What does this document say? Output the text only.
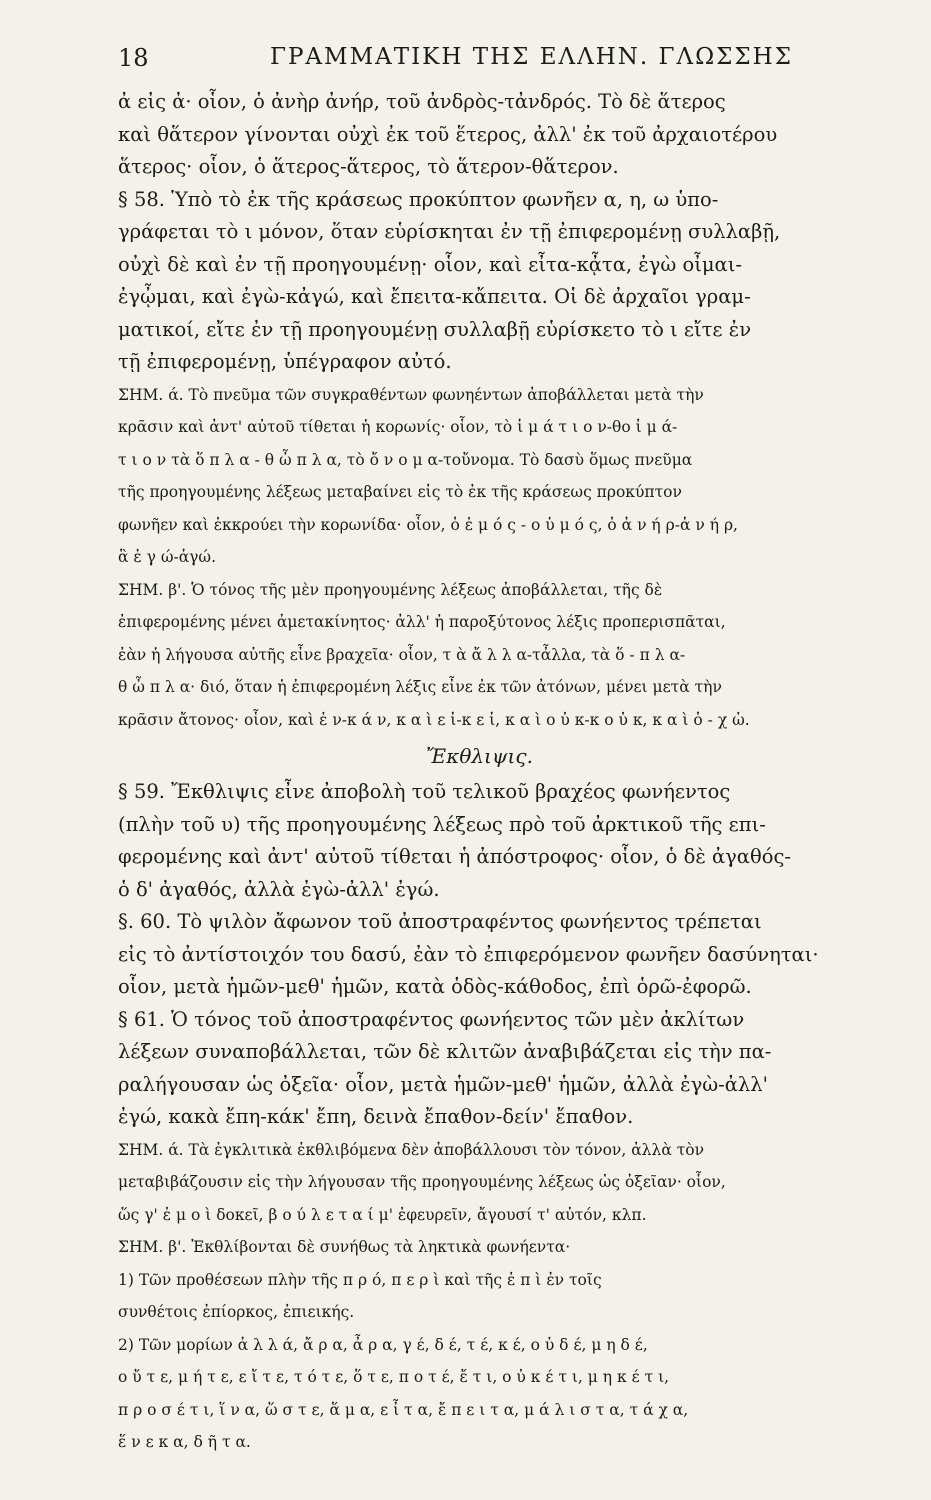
18	ΓΡΑΜΜΑΤΙΚΗ ΤΗΣ ΕΛΛΗΝ. ΓΛΩΣΣΗΣ
ἀ εἰς ἀ· οἷον, ὁ ἀνὴρ ἀνήρ, τοῦ ἀνδρὸς-τἀνδρός. Τὸ δὲ ἅτερος
καὶ θἅτερον γίνονται οὐχὶ ἐκ τοῦ ἕτερος, ἀλλ' ἐκ τοῦ ἀρχαιοτέρου
ἅτερος· οἷον, ὁ ἅτερος-ἅτερος, τὸ ἅτερον-θἅτερον.
§ 58. Ὑπὸ τὸ ἐκ τῆς κράσεως προκύπτον φωνῆεν α, η, ω ὑπο-
γράφεται τὸ ι μόνον, ὅταν εὑρίσκηται ἐν τῇ ἐπιφερομένῃ συλλαβῇ,
οὐχὶ δὲ καὶ ἐν τῇ προηγουμένῃ· οἷον, καὶ εἶτα-κᾆτα, ἐγὼ οἶμαι-
ἐγᾦμαι, καὶ ἐγὼ-κἀγώ, καὶ ἔπειτα-κἄπειτα. Οἱ δὲ ἀρχαῖοι γραμ-
ματικοί, εἴτε ἐν τῇ προηγουμένῃ συλλαβῇ εὑρίσκετο τὸ ι εἴτε ἐν
τῇ ἐπιφερομένῃ, ὑπέγραφον αὐτό.
ΣΗΜ. ά. Τὸ πνεῦμα τῶν συγκραθέντων φωνηέντων ἀποβάλλεται μετὰ τὴν
κρᾶσιν καὶ ἀντ' αὐτοῦ τίθεται ἡ κορωνίς· οἷον, τὸ ἱ μ ά τ ι ο ν-θο ἱ μ ά-
τ ι ο ν τὰ ὅ π λ α - θ ὦ π λ α, τὸ ὄ ν ο μ α-τοὔνομα. Τὸ δασὺ ὅμως πνεῦμα
τῆς προηγουμένης λέξεως μεταβαίνει εἰς τὸ ἐκ τῆς κράσεως προκύπτον
φωνῆεν καὶ ἐκκρούει τὴν κορωνίδα· οἷον, ὁ ἐ μ ό ς - ο ὑ μ ό ς, ὁ ἀ ν ή ρ-ἁ ν ή ρ,
ἃ ἐ γ ώ-ἁγώ.
ΣΗΜ. β'. Ὁ τόνος τῆς μὲν προηγουμένης λέξεως ἀποβάλλεται, τῆς δὲ
ἐπιφερομένης μένει ἀμετακίνητος· ἀλλ' ἡ παροξύτονος λέξις προπερισπᾶται,
ἐὰν ἡ λήγουσα αὐτῆς εἶνε βραχεῖα· οἷον, τ ὰ ἄ λ λ α-τἆλλα, τὰ ὅ - π λ α-
θ ὦ π λ α· διό, ὅταν ἡ ἐπιφερομένη λέξις εἶνε ἐκ τῶν ἀτόνων, μένει μετὰ τὴν
κρᾶσιν ἄτονος· οἷον, καὶ ἐ ν-κ ά ν, κ α ὶ ε ἰ-κ ε ἰ, κ α ὶ ο ὐ κ-κ ο ὐ κ, κ α ὶ ὁ - χ ὡ.
Ἔκθλιψις.
§ 59. Ἔκθλιψις εἶνε ἀποβολὴ τοῦ τελικοῦ βραχέος φωνήεντος
(πλὴν τοῦ υ) τῆς προηγουμένης λέξεως πρὸ τοῦ ἀρκτικοῦ τῆς επι-
φερομένης καὶ ἀντ' αὐτοῦ τίθεται ἡ ἀπόστροφος· οἷον, ὁ δὲ ἀγαθός-
ὁ δ' ἀγαθός, ἀλλὰ ἐγὼ-ἀλλ' ἐγώ.
§. 60. Τὸ ψιλὸν ἄφωνον τοῦ ἀποστραφέντος φωνήεντος τρέπεται
εἰς τὸ ἀντίστοιχόν του δασύ, ἐὰν τὸ ἐπιφερόμενον φωνῆεν δασύνηται·
οἷον, μετὰ ἡμῶν-μεθ' ἡμῶν, κατὰ ὁδὸς-κάθοδος, ἐπὶ ὁρῶ-ἐφορῶ.
§ 61. Ὁ τόνος τοῦ ἀποστραφέντος φωνήεντος τῶν μὲν ἀκλίτων
λέξεων συναποβάλλεται, τῶν δὲ κλιτῶν ἀναβιβάζεται εἰς τὴν πα-
ραλήγουσαν ὡς ὀξεῖα· οἷον, μετὰ ἡμῶν-μεθ' ἡμῶν, ἀλλὰ ἐγὼ-ἀλλ'
ἐγώ, κακὰ ἔπη-κάκ' ἔπη, δεινὰ ἔπαθον-δείν' ἔπαθον.
ΣΗΜ. ά. Τὰ ἐγκλιτικὰ ἐκθλιβόμενα δὲν ἀποβάλλουσι τὸν τόνον, ἀλλὰ τὸν
μεταβιβάζουσιν εἰς τὴν λήγουσαν τῆς προηγουμένης λέξεως ὡς ὀξεῖαν· οἷον,
ὥς γ' ἐ μ ο ὶ δοκεῖ, β ο ύ λ ε τ α ί μ' ἐφευρεῖν, ἄγουσί τ' αὐτόν, κλπ.
ΣΗΜ. β'. Ἐκθλίβονται δὲ συνήθως τὰ ληκτικὰ φωνήεντα·
1) Τῶν προθέσεων πλὴν τῆς π ρ ό, π ε ρ ὶ καὶ τῆς ἐ π ὶ ἐν τοῖς
συνθέτοις ἐπίορκος, ἐπιεικής.
2) Τῶν μορίων ἀ λ λ ά, ἄ ρ α, ἆ ρ α, γ έ, δ έ, τ έ, κ έ, ο ὐ δ έ, μ η δ έ,
ο ὔ τ ε, μ ή τ ε, ε ἴ τ ε, τ ό τ ε, ὅ τ ε, π ο τ έ, ἔ τ ι, ο ὐ κ έ τ ι, μ η κ έ τ ι,
π ρ ο σ έ τ ι, ἵ ν α, ὥ σ τ ε, ἅ μ α, ε ἶ τ α, ἔ π ε ι τ α, μ ά λ ι σ τ α, τ ά χ α,
ἕ ν ε κ α, δ ῆ τ α.
